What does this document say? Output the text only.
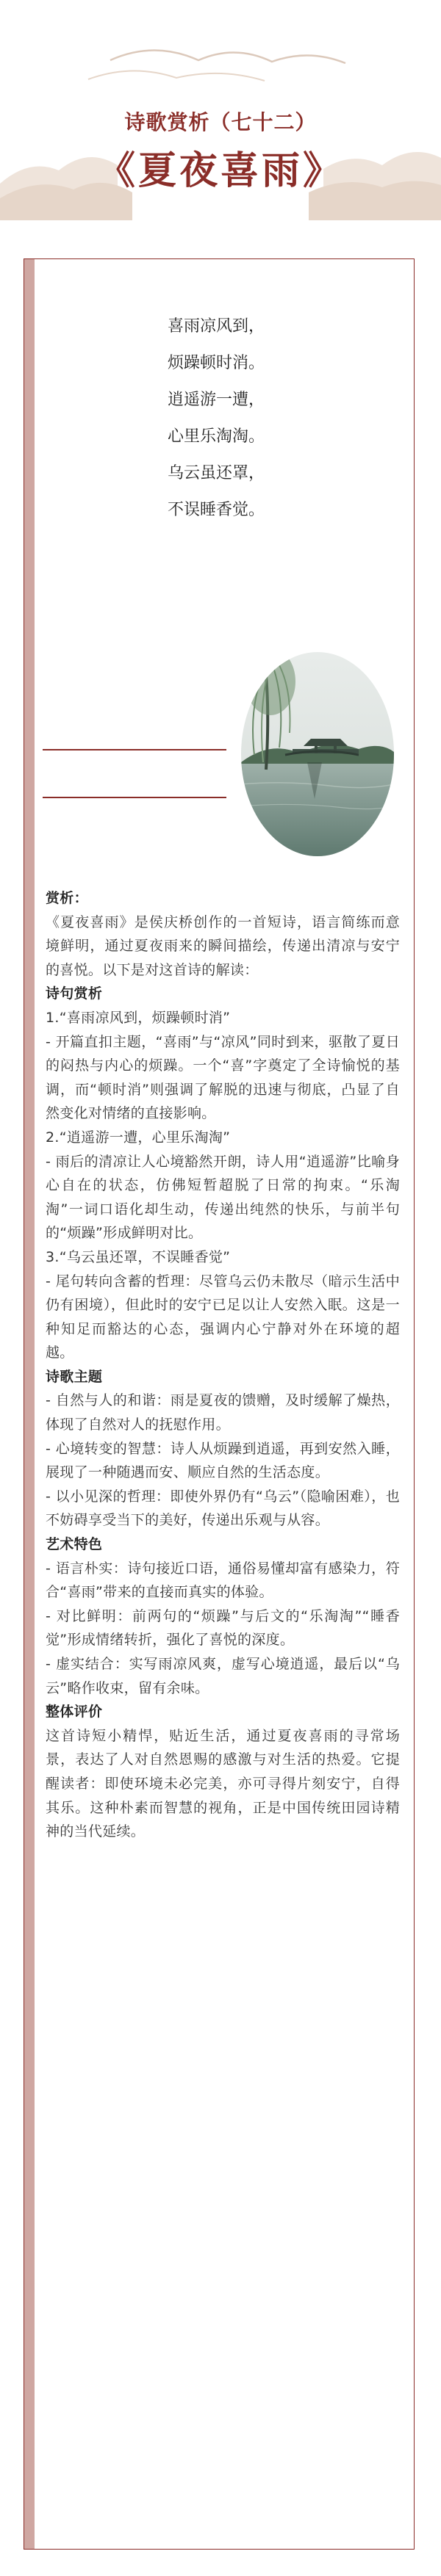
诗歌赏析（七十二）
《夏夜喜雨》
喜雨凉风到，
烦躁顿时消。
逍遥游一遭，
心里乐淘淘。
乌云虽还罩，
不误睡香觉。

赏析：

《夏夜喜雨》是侯庆桥创作的一首短诗，语言简练而意境鲜明，通过夏夜雨来的瞬间描绘，传递出清凉与安宁的喜悦。以下是对这首诗的解读：

诗句赏析

1.“喜雨凉风到，烦躁顿时消”

- 开篇直扣主题，“喜雨”与“凉风”同时到来，驱散了夏日的闷热与内心的烦躁。一个“喜”字奠定了全诗愉悦的基调，而“顿时消”则强调了解脱的迅速与彻底，凸显了自然变化对情绪的直接影响。

2.“逍遥游一遭，心里乐淘淘”

- 雨后的清凉让人心境豁然开朗，诗人用“逍遥游”比喻身心自在的状态，仿佛短暂超脱了日常的拘束。“乐淘淘”一词口语化却生动，传递出纯然的快乐，与前半句的“烦躁”形成鲜明对比。

3.“乌云虽还罩，不误睡香觉”

- 尾句转向含蓄的哲理：尽管乌云仍未散尽（暗示生活中仍有困境），但此时的安宁已足以让人安然入眠。这是一种知足而豁达的心态，强调内心宁静对外在环境的超越。

诗歌主题

- 自然与人的和谐：雨是夏夜的馈赠，及时缓解了燥热，体现了自然对人的抚慰作用。

- 心境转变的智慧：诗人从烦躁到逍遥，再到安然入睡，展现了一种随遇而安、顺应自然的生活态度。

- 以小见深的哲理：即使外界仍有“乌云”（隐喻困难），也不妨碍享受当下的美好，传递出乐观与从容。

艺术特色

- 语言朴实：诗句接近口语，通俗易懂却富有感染力，符合“喜雨”带来的直接而真实的体验。

- 对比鲜明：前两句的“烦躁”与后文的“乐淘淘”“睡香觉”形成情绪转折，强化了喜悦的深度。

- 虚实结合：实写雨凉风爽，虚写心境逍遥，最后以“乌云”略作收束，留有余味。

整体评价

这首诗短小精悍，贴近生活，通过夏夜喜雨的寻常场景，表达了人对自然恩赐的感激与对生活的热爱。它提醒读者：即使环境未必完美，亦可寻得片刻安宁，自得其乐。这种朴素而智慧的视角，正是中国传统田园诗精神的当代延续。
